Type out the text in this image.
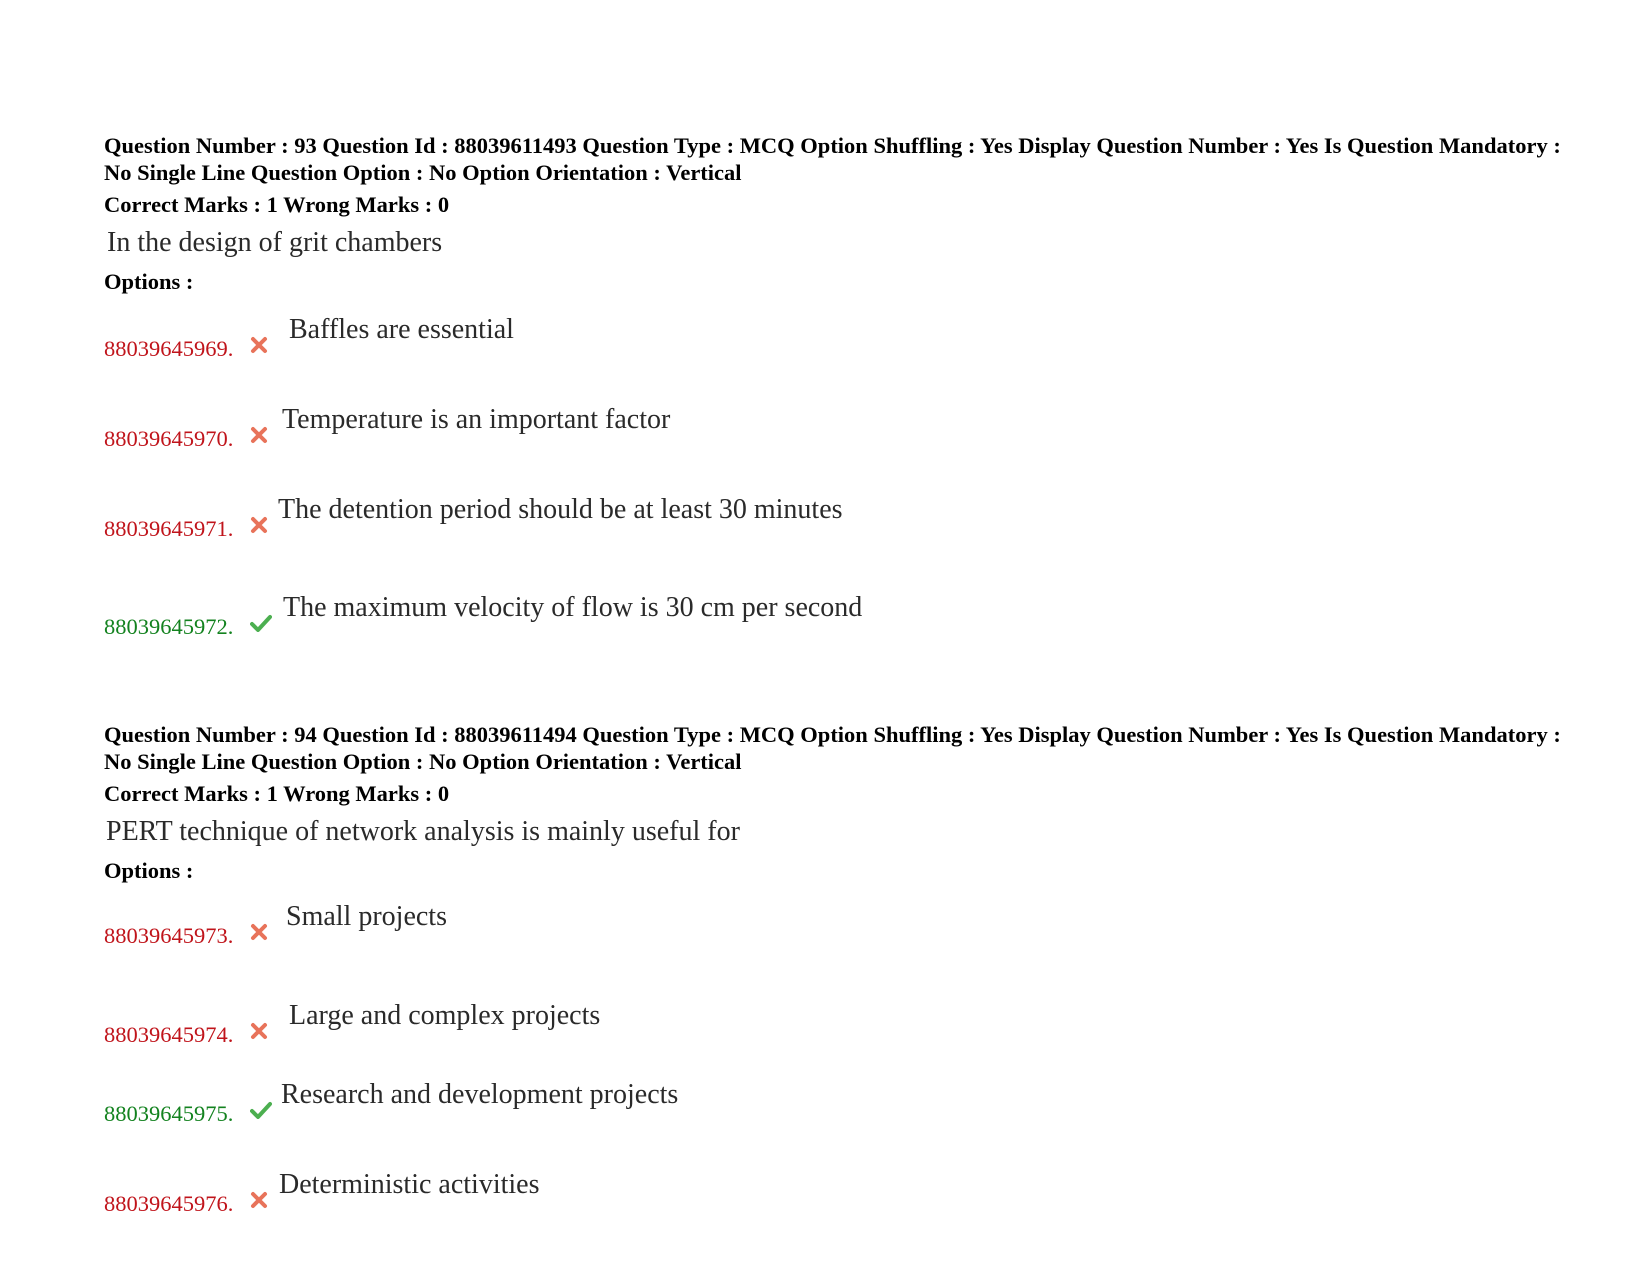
Question Number : 93 Question Id : 88039611493 Question Type : MCQ Option Shuffling : Yes Display Question Number : Yes Is Question Mandatory : No Single Line Question Option : No Option Orientation : Vertical
Correct Marks : 1 Wrong Marks : 0
In the design of grit chambers
Options :
88039645969.
Baffles are essential
88039645970.
Temperature is an important factor
88039645971.
The detention period should be at least 30 minutes
88039645972.
The maximum velocity of flow is 30 cm per second
Question Number : 94 Question Id : 88039611494 Question Type : MCQ Option Shuffling : Yes Display Question Number : Yes Is Question Mandatory : No Single Line Question Option : No Option Orientation : Vertical
Correct Marks : 1 Wrong Marks : 0
PERT technique of network analysis is mainly useful for
Options :
88039645973.
Small projects
88039645974.
Large and complex projects
88039645975.
Research and development projects
88039645976.
Deterministic activities
